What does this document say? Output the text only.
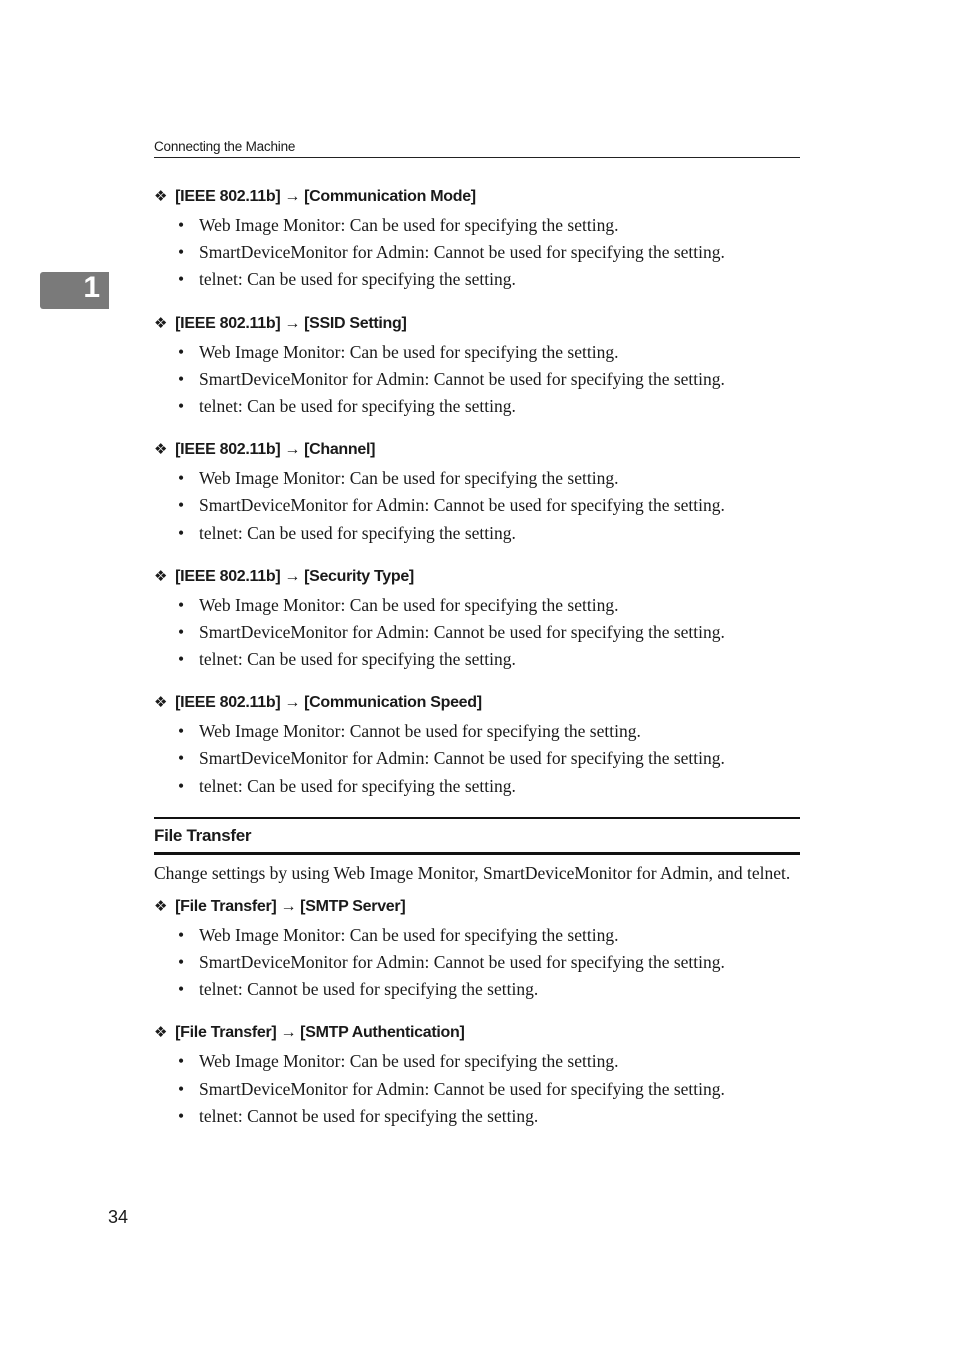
Connecting the Machine
1
❖ [IEEE 802.11b] → [Communication Mode]
• Web Image Monitor: Can be used for specifying the setting.
• SmartDeviceMonitor for Admin: Cannot be used for specifying the setting.
• telnet: Can be used for specifying the setting.
❖ [IEEE 802.11b] → [SSID Setting]
• Web Image Monitor: Can be used for specifying the setting.
• SmartDeviceMonitor for Admin: Cannot be used for specifying the setting.
• telnet: Can be used for specifying the setting.
❖ [IEEE 802.11b] → [Channel]
• Web Image Monitor: Can be used for specifying the setting.
• SmartDeviceMonitor for Admin: Cannot be used for specifying the setting.
• telnet: Can be used for specifying the setting.
❖ [IEEE 802.11b] → [Security Type]
• Web Image Monitor: Can be used for specifying the setting.
• SmartDeviceMonitor for Admin: Cannot be used for specifying the setting.
• telnet: Can be used for specifying the setting.
❖ [IEEE 802.11b] → [Communication Speed]
• Web Image Monitor: Cannot be used for specifying the setting.
• SmartDeviceMonitor for Admin: Cannot be used for specifying the setting.
• telnet: Can be used for specifying the setting.
File Transfer

Change settings by using Web Image Monitor, SmartDeviceMonitor for Admin, and telnet.

❖ [File Transfer] → [SMTP Server]
• Web Image Monitor: Can be used for specifying the setting.
• SmartDeviceMonitor for Admin: Cannot be used for specifying the setting.
• telnet: Cannot be used for specifying the setting.
❖ [File Transfer] → [SMTP Authentication]
• Web Image Monitor: Can be used for specifying the setting.
• SmartDeviceMonitor for Admin: Cannot be used for specifying the setting.
• telnet: Cannot be used for specifying the setting.
34
